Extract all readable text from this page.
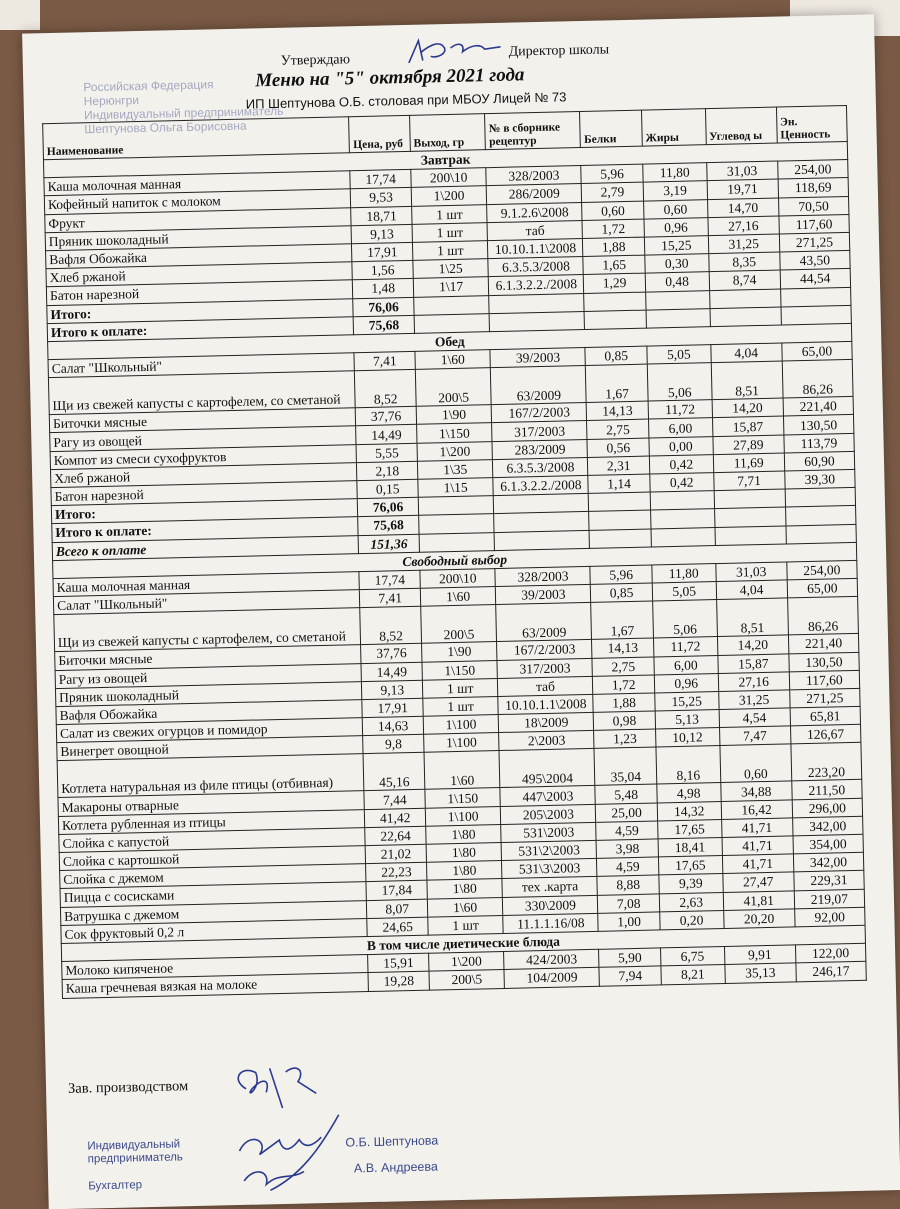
Российская Федерация
Нерюнгри
Индивидуальный предприниматель
Шептунова Ольга Борисовна
Утверждаю
Директор школы
Меню на "5" октября 2021 года
ИП Шептунова О.Б. столовая при МБОУ Лицей № 73
Наименование	Цена, руб	Выход, гр	№ в сборнике рецептур	Белки	Жиры	Углевод ы	Эн. Ценность
Завтрак							
Каша молочная манная	17,74	200\10	328/2003	5,96	11,80	31,03	254,00
Кофейный напиток с молоком	9,53	1\200	286/2009	2,79	3,19	19,71	118,69
Фрукт	18,71	1 шт	9.1.2.6\2008	0,60	0,60	14,70	70,50
Пряник шоколадный	9,13	1 шт	таб	1,72	0,96	27,16	117,60
Вафля Обожайка	17,91	1 шт	10.10.1.1\2008	1,88	15,25	31,25	271,25
Хлеб ржаной	1,56	1\25	6.3.5.3/2008	1,65	0,30	8,35	43,50
Батон нарезной	1,48	1\17	6.1.3.2.2./2008	1,29	0,48	8,74	44,54
Итого:	76,06						
Итого к оплате:	75,68						
Обед							
Салат "Школьный"	7,41	1\60	39/2003	0,85	5,05	4,04	65,00
Щи из свежей капусты с картофелем, со сметаной	8,52	200\5	63/2009	1,67	5,06	8,51	86,26
Биточки мясные	37,76	1\90	167/2/2003	14,13	11,72	14,20	221,40
Рагу из овощей	14,49	1\150	317/2003	2,75	6,00	15,87	130,50
Компот из смеси сухофруктов	5,55	1\200	283/2009	0,56	0,00	27,89	113,79
Хлеб ржаной	2,18	1\35	6.3.5.3/2008	2,31	0,42	11,69	60,90
Батон нарезной	0,15	1\15	6.1.3.2.2./2008	1,14	0,42	7,71	39,30
Итого:	76,06						
Итого к оплате:	75,68						
Всего к оплате	151,36						
Свободный выбор							
Каша молочная манная	17,74	200\10	328/2003	5,96	11,80	31,03	254,00
Салат "Школьный"	7,41	1\60	39/2003	0,85	5,05	4,04	65,00
Щи из свежей капусты с картофелем, со сметаной	8,52	200\5	63/2009	1,67	5,06	8,51	86,26
Биточки мясные	37,76	1\90	167/2/2003	14,13	11,72	14,20	221,40
Рагу из овощей	14,49	1\150	317/2003	2,75	6,00	15,87	130,50
Пряник шоколадный	9,13	1 шт	таб	1,72	0,96	27,16	117,60
Вафля Обожайка	17,91	1 шт	10.10.1.1\2008	1,88	15,25	31,25	271,25
Салат из свежих огурцов и помидор	14,63	1\100	18\2009	0,98	5,13	4,54	65,81
Винегрет овощной	9,8	1\100	2\2003	1,23	10,12	7,47	126,67
Котлета натуральная из филе птицы (отбивная)	45,16	1\60	495\2004	35,04	8,16	0,60	223,20
Макароны отварные	7,44	1\150	447\2003	5,48	4,98	34,88	211,50
Котлета рубленная из птицы	41,42	1\100	205\2003	25,00	14,32	16,42	296,00
Слойка с капустой	22,64	1\80	531\2003	4,59	17,65	41,71	342,00
Слойка с картошкой	21,02	1\80	531\2\2003	3,98	18,41	41,71	354,00
Слойка с джемом	22,23	1\80	531\3\2003	4,59	17,65	41,71	342,00
Пицца с сосисками	17,84	1\80	тех .карта	8,88	9,39	27,47	229,31
Ватрушка с джемом	8,07	1\60	330\2009	7,08	2,63	41,81	219,07
Сок фруктовый 0,2 л	24,65	1 шт	11.1.1.16/08	1,00	0,20	20,20	92,00
В том числе диетические блюда							
Молоко кипяченое	15,91	1\200	424/2003	5,90	6,75	9,91	122,00
Каша гречневая вязкая на молоке	19,28	200\5	104/2009	7,94	8,21	35,13	246,17
Зав. производством
Индивидуальный предприниматель
О.Б. Шептунова
Бухгалтер
А.В. Андреева
